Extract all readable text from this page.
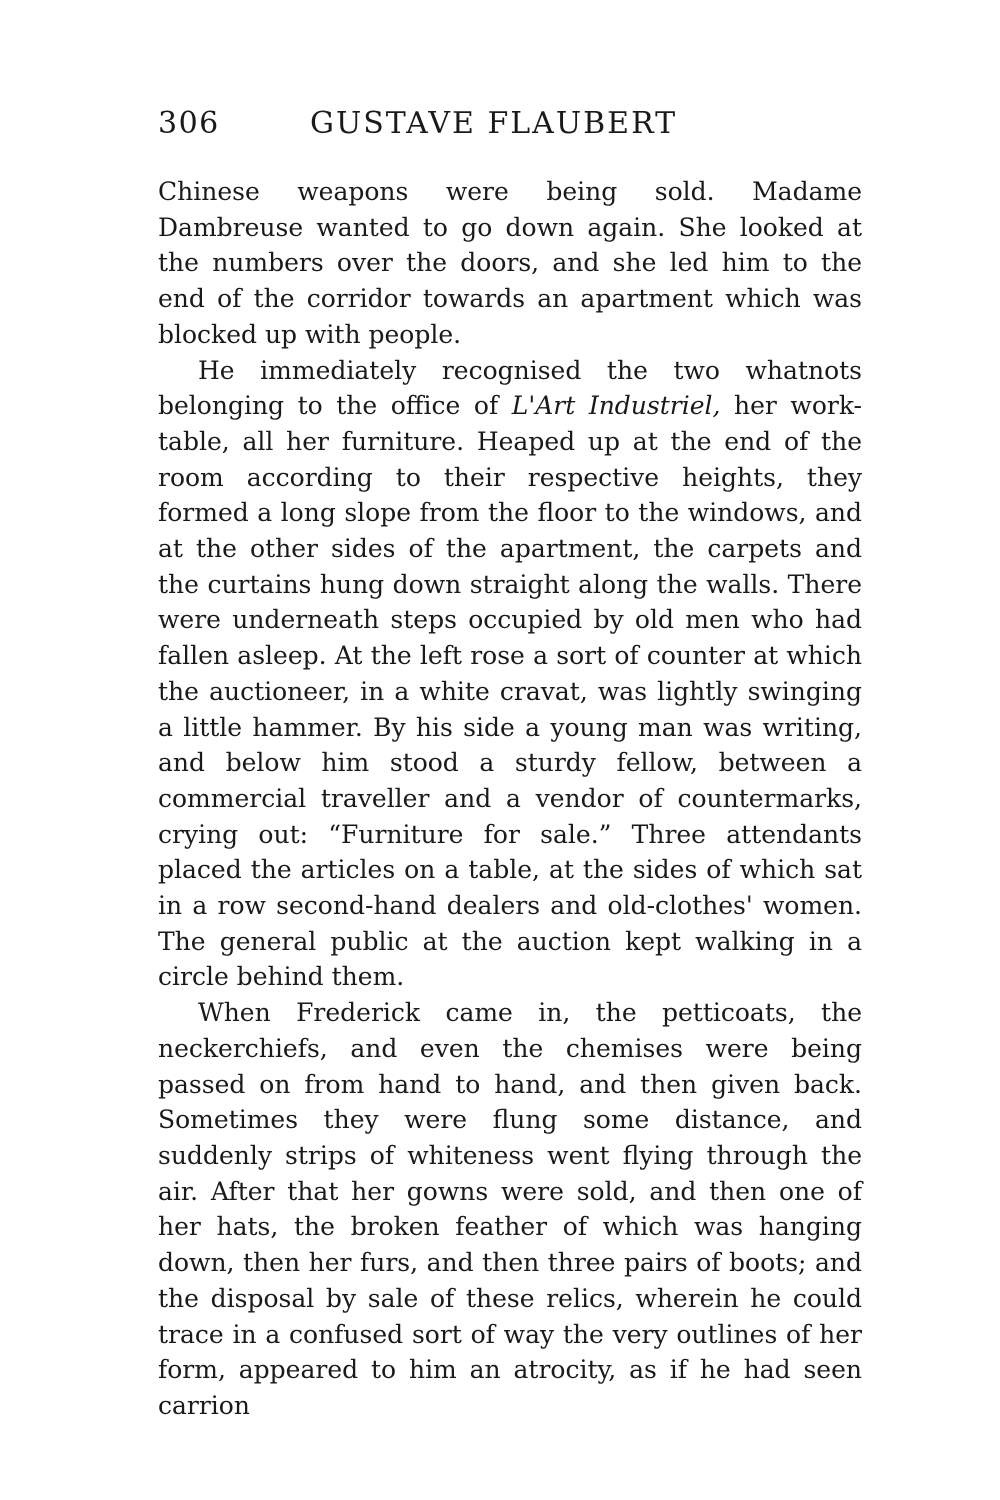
306	GUSTAVE FLAUBERT

Chinese weapons were being sold. Madame Dambreuse wanted to go down again. She looked at the numbers over the doors, and she led him to the end of the corridor towards an apartment which was blocked up with people.

He immediately recognised the two whatnots belonging to the office of L'Art Industriel, her work-table, all her furniture. Heaped up at the end of the room according to their respective heights, they formed a long slope from the floor to the windows, and at the other sides of the apartment, the carpets and the curtains hung down straight along the walls. There were underneath steps occupied by old men who had fallen asleep. At the left rose a sort of counter at which the auctioneer, in a white cravat, was lightly swinging a little hammer. By his side a young man was writing, and below him stood a sturdy fellow, between a commercial traveller and a vendor of countermarks, crying out: “Furniture for sale.” Three attendants placed the articles on a table, at the sides of which sat in a row second-hand dealers and old-clothes' women. The general public at the auction kept walking in a circle behind them.

When Frederick came in, the petticoats, the neckerchiefs, and even the chemises were being passed on from hand to hand, and then given back. Sometimes they were flung some distance, and suddenly strips of whiteness went flying through the air. After that her gowns were sold, and then one of her hats, the broken feather of which was hanging down, then her furs, and then three pairs of boots; and the disposal by sale of these relics, wherein he could trace in a confused sort of way the very outlines of her form, appeared to him an atrocity, as if he had seen carrion
